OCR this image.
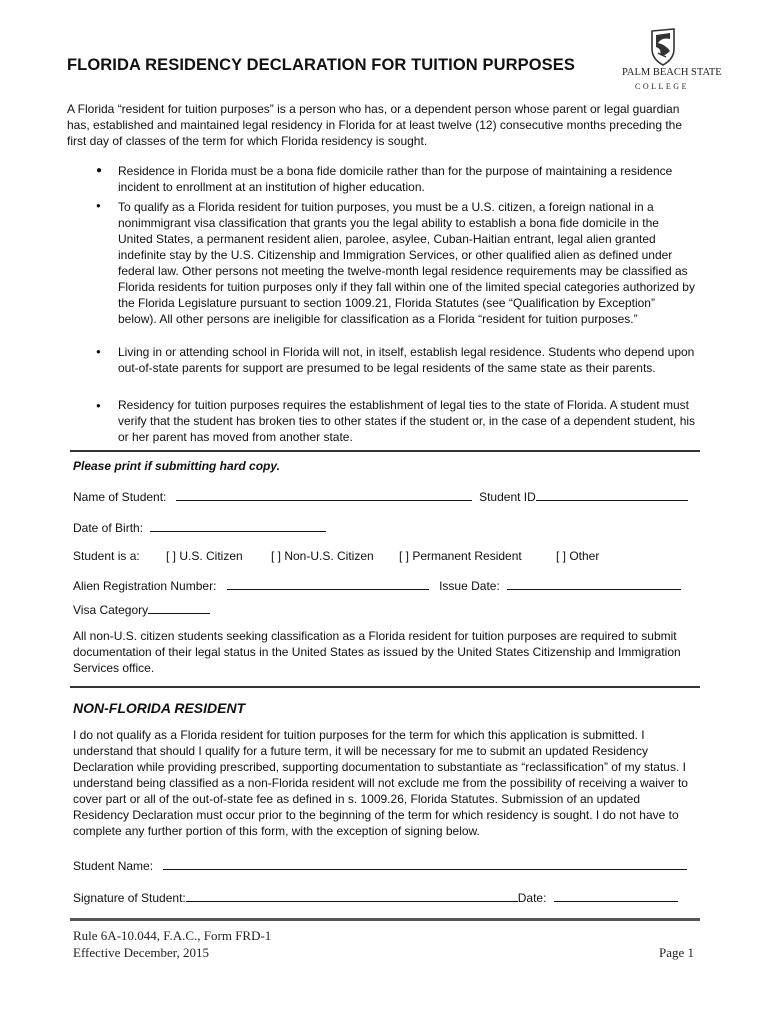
FLORIDA RESIDENCY DECLARATION FOR TUITION PURPOSES	PALM BEACH STATE
COLLEGE
A Florida “resident for tuition purposes” is a person who has, or a dependent person whose parent or legal guardian has, established and maintained legal residency in Florida for at least twelve (12) consecutive months preceding the first day of classes of the term for which Florida residency is sought.
● Residence in Florida must be a bona fide domicile rather than for the purpose of maintaining a residence incident to enrollment at an institution of higher education.
● To qualify as a Florida resident for tuition purposes, you must be a U.S. citizen, a foreign national in a nonimmigrant visa classification that grants you the legal ability to establish a bona fide domicile in the United States, a permanent resident alien, parolee, asylee, Cuban-Haitian entrant, legal alien granted indefinite stay by the U.S. Citizenship and Immigration Services, or other qualified alien as defined under federal law. Other persons not meeting the twelve-month legal residence requirements may be classified as Florida residents for tuition purposes only if they fall within one of the limited special categories authorized by the Florida Legislature pursuant to section 1009.21, Florida Statutes (see “Qualification by Exception” below). All other persons are ineligible for classification as a Florida “resident for tuition purposes.”
● Living in or attending school in Florida will not, in itself, establish legal residence. Students who depend upon out-of-state parents for support are presumed to be legal residents of the same state as their parents.
● Residency for tuition purposes requires the establishment of legal ties to the state of Florida. A student must verify that the student has broken ties to other states if the student or, in the case of a dependent student, his or her parent has moved from another state.
Please print if submitting hard copy.
Name of Student:	Student ID
Date of Birth:
Student is a: [ ] U.S. Citizen [ ] Non-U.S. Citizen [ ] Permanent Resident	[ ] Other
Alien Registration Number:	Issue Date:
Visa Category
All non-U.S. citizen students seeking classification as a Florida resident for tuition purposes are required to submit documentation of their legal status in the United States as issued by the United States Citizenship and Immigration Services office.
NON-FLORIDA RESIDENT
I do not qualify as a Florida resident for tuition purposes for the term for which this application is submitted. I understand that should I qualify for a future term, it will be necessary for me to submit an updated Residency Declaration while providing prescribed, supporting documentation to substantiate as “reclassification” of my status. I understand being classified as a non-Florida resident will not exclude me from the possibility of receiving a waiver to cover part or all of the out-of-state fee as defined in s. 1009.26, Florida Statutes. Submission of an updated Residency Declaration must occur prior to the beginning of the term for which residency is sought. I do not have to complete any further portion of this form, with the exception of signing below.
Student Name:
Signature of Student:	Date:
Rule 6A-10.044, F.A.C., Form FRD-1
Effective December, 2015	Page 1
